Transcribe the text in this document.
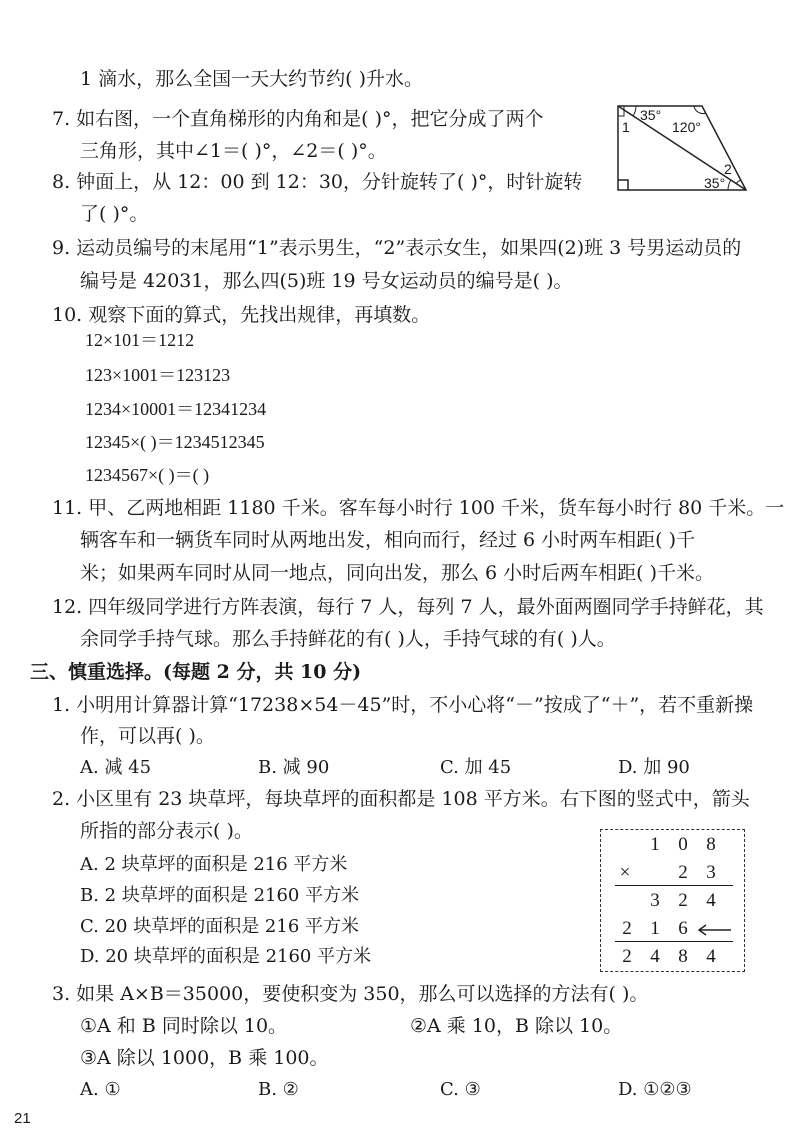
1 滴水，那么全国一天大约节约( )升水。
7. 如右图，一个直角梯形的内角和是( )°，把它分成了两个
三角形，其中∠1＝( )°，∠2＝( )°。
8. 钟面上，从 12：00 到 12：30，分针旋转了( )°，时针旋转
了( )°。
9. 运动员编号的末尾用“1”表示男生，“2”表示女生，如果四(2)班 3 号男运动员的
编号是 42031，那么四(5)班 19 号女运动员的编号是( )。
10. 观察下面的算式，先找出规律，再填数。
12×101＝1212
123×1001＝123123
1234×10001＝12341234
12345×( )＝1234512345
1234567×( )＝( )
11. 甲、乙两地相距 1180 千米。客车每小时行 100 千米，货车每小时行 80 千米。一
辆客车和一辆货车同时从两地出发，相向而行，经过 6 小时两车相距( )千
米；如果两车同时从同一地点，同向出发，那么 6 小时后两车相距( )千米。
12. 四年级同学进行方阵表演，每行 7 人，每列 7 人，最外面两圈同学手持鲜花，其
余同学手持气球。那么手持鲜花的有( )人，手持气球的有( )人。
三、慎重选择。(每题 2 分，共 10 分)
1. 小明用计算器计算“17238×54－45”时，不小心将“－”按成了“＋”，若不重新操
作，可以再( )。
A. 减 45	B. 减 90	C. 加 45	D. 加 90
2. 小区里有 23 块草坪，每块草坪的面积都是 108 平方米。右下图的竖式中，箭头
所指的部分表示( )。
A. 2 块草坪的面积是 216 平方米
B. 2 块草坪的面积是 2160 平方米
C. 20 块草坪的面积是 216 平方米
D. 20 块草坪的面积是 2160 平方米
3. 如果 A×B＝35000，要使积变为 350，那么可以选择的方法有( )。
①A 和 B 同时除以 10。	②A 乘 10，B 除以 10。
③A 除以 1000，B 乘 100。
A. ①	B. ②	C. ③	D. ①②③
21
1
35°
120°
2
35°
1 0 8
×	2 3
3 2 4
2 1 6
2 4 8 4
